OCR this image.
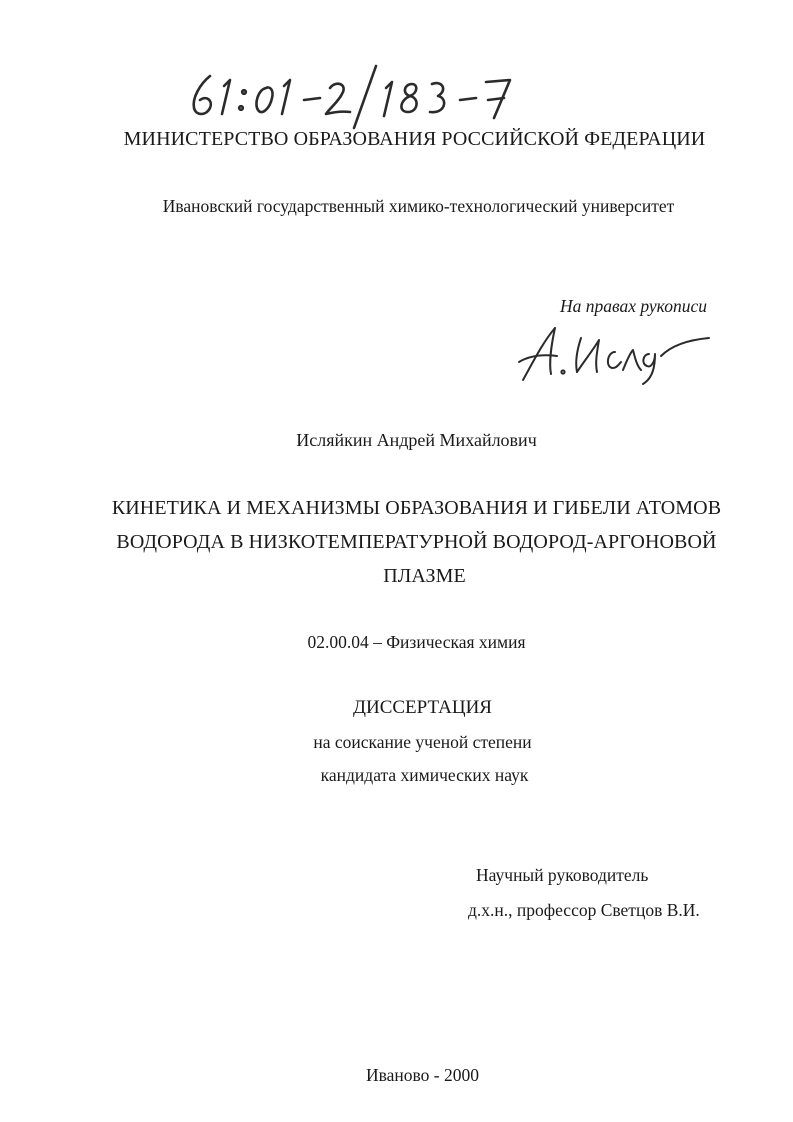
МИНИСТЕРСТВО ОБРАЗОВАНИЯ РОССИЙСКОЙ ФЕДЕРАЦИИ
Ивановский государственный химико-технологический университет
На правах рукописи
Исляйкин Андрей Михайлович
КИНЕТИКА И МЕХАНИЗМЫ ОБРАЗОВАНИЯ И ГИБЕЛИ АТОМОВ
ВОДОРОДА В НИЗКОТЕМПЕРАТУРНОЙ ВОДОРОД-АРГОНОВОЙ
ПЛАЗМЕ
02.00.04 – Физическая химия
ДИССЕРТАЦИЯ
на соискание ученой степени
кандидата химических наук
Научный руководитель
д.х.н., профессор Светцов В.И.
Иваново - 2000
